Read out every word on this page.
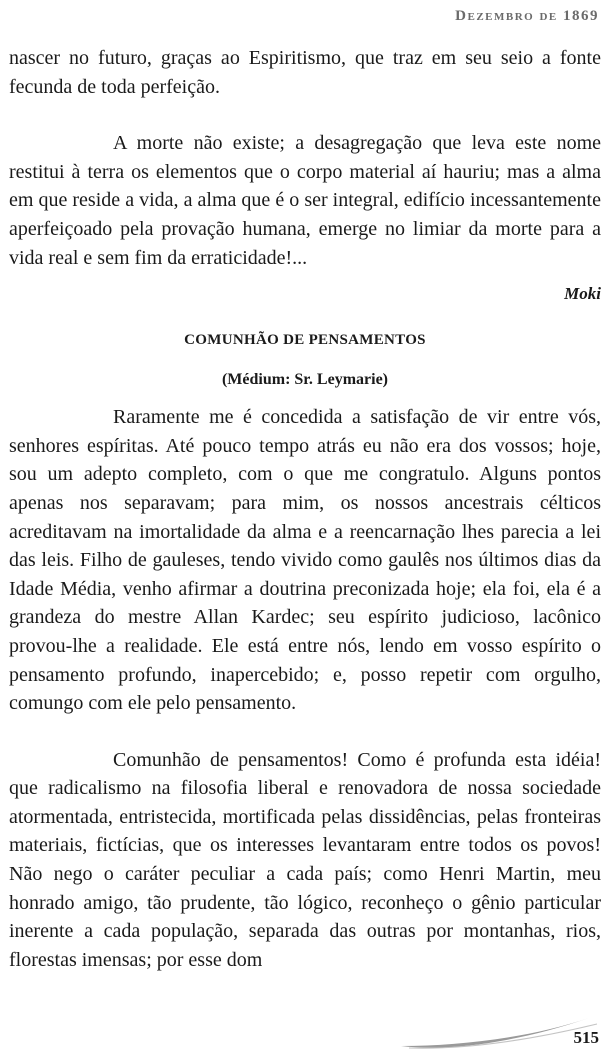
Dezembro de 1869

nascer no futuro, graças ao Espiritismo, que traz em seu seio a fonte fecunda de toda perfeição.

A morte não existe; a desagregação que leva este nome restitui à terra os elementos que o corpo material aí hauriu; mas a alma em que reside a vida, a alma que é o ser integral, edifício incessantemente aperfeiçoado pela provação humana, emerge no limiar da morte para a vida real e sem fim da erraticidade!...

Moki
COMUNHÃO DE PENSAMENTOS
(Médium: Sr. Leymarie)

Raramente me é concedida a satisfação de vir entre vós, senhores espíritas. Até pouco tempo atrás eu não era dos vossos; hoje, sou um adepto completo, com o que me congratulo. Alguns pontos apenas nos separavam; para mim, os nossos ancestrais célticos acreditavam na imortalidade da alma e a reencarnação lhes parecia a lei das leis. Filho de gauleses, tendo vivido como gaulês nos últimos dias da Idade Média, venho afirmar a doutrina preconizada hoje; ela foi, ela é a grandeza do mestre Allan Kardec; seu espírito judicioso, lacônico provou-lhe a realidade. Ele está entre nós, lendo em vosso espírito o pensamento profundo, inapercebido; e, posso repetir com orgulho, comungo com ele pelo pensamento.

Comunhão de pensamentos! Como é profunda esta idéia! que radicalismo na filosofia liberal e renovadora de nossa sociedade atormentada, entristecida, mortificada pelas dissidências, pelas fronteiras materiais, fictícias, que os interesses levantaram entre todos os povos! Não nego o caráter peculiar a cada país; como Henri Martin, meu honrado amigo, tão prudente, tão lógico, reconheço o gênio particular inerente a cada população, separada das outras por montanhas, rios, florestas imensas; por esse dom

515
